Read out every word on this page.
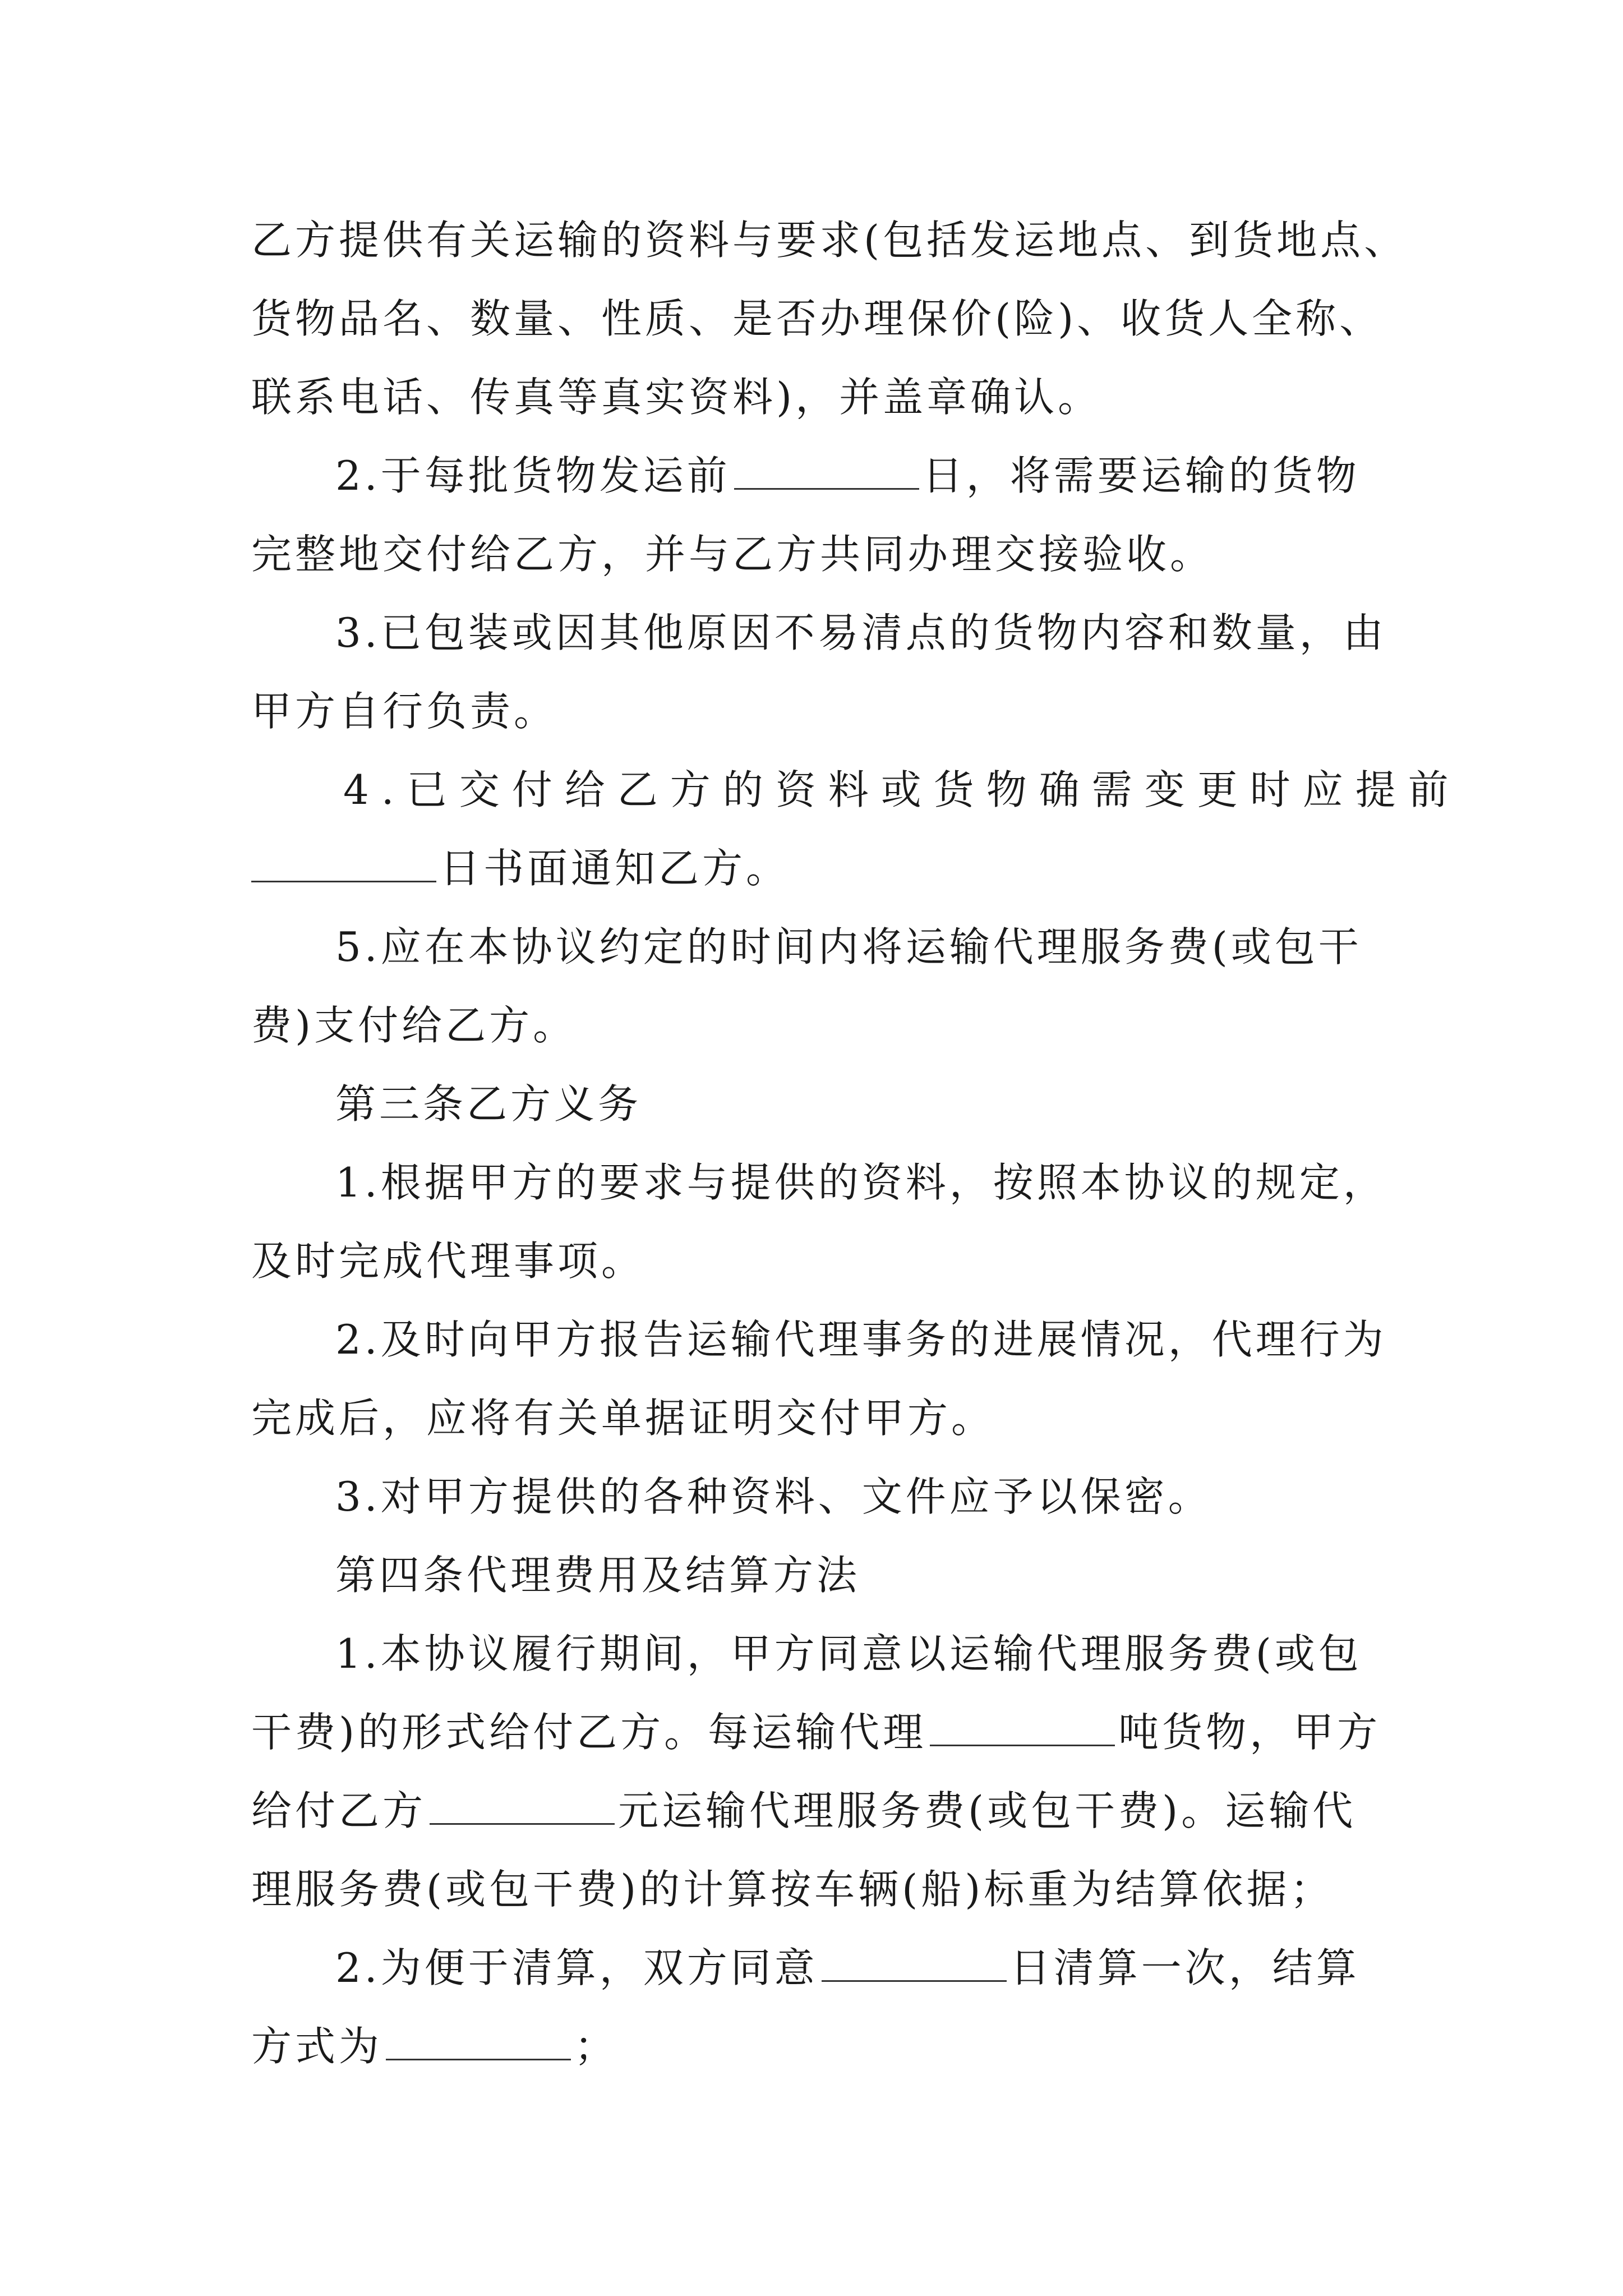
乙方提供有关运输的资料与要求(包括发运地点、到货地点、
货物品名、数量、性质、是否办理保价(险)、收货人全称、
联系电话、传真等真实资料)，并盖章确认。
2.于每批货物发运前	日，将需要运输的货物
完整地交付给乙方，并与乙方共同办理交接验收。
3.已包装或因其他原因不易清点的货物内容和数量，由
甲方自行负责。
4.已交付给乙方的资料或货物确需变更时应提前
日书面通知乙方。
5.应在本协议约定的时间内将运输代理服务费(或包干
费)支付给乙方。
第三条乙方义务
1.根据甲方的要求与提供的资料，按照本协议的规定，
及时完成代理事项。
2.及时向甲方报告运输代理事务的进展情况，代理行为
完成后，应将有关单据证明交付甲方。
3.对甲方提供的各种资料、文件应予以保密。
第四条代理费用及结算方法
1.本协议履行期间，甲方同意以运输代理服务费(或包
干费)的形式给付乙方。每运输代理	吨货物，甲方
给付乙方	元运输代理服务费(或包干费)。运输代
理服务费(或包干费)的计算按车辆(船)标重为结算依据；
2.为便于清算，双方同意	日清算一次，结算
方式为	；
